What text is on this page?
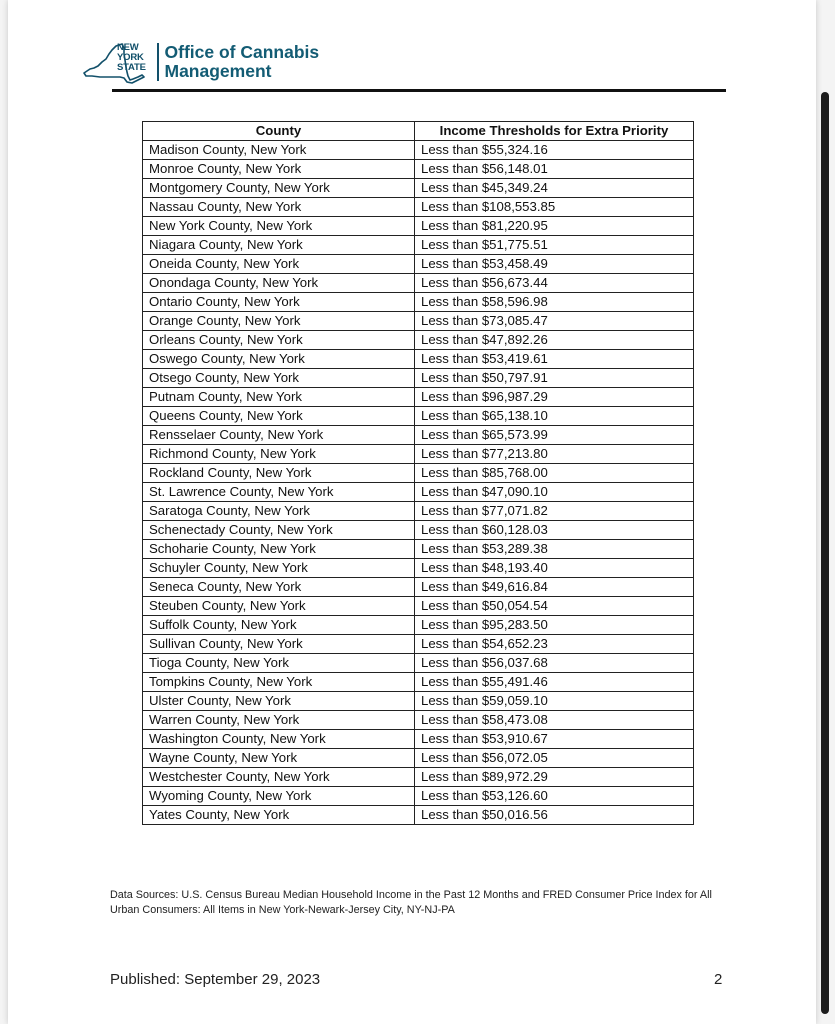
NEW
YORK
STATE
Office of Cannabis
Management
County	Income Thresholds for Extra Priority
Madison County, New York	Less than $55,324.16
Monroe County, New York	Less than $56,148.01
Montgomery County, New York	Less than $45,349.24
Nassau County, New York	Less than $108,553.85
New York County, New York	Less than $81,220.95
Niagara County, New York	Less than $51,775.51
Oneida County, New York	Less than $53,458.49
Onondaga County, New York	Less than $56,673.44
Ontario County, New York	Less than $58,596.98
Orange County, New York	Less than $73,085.47
Orleans County, New York	Less than $47,892.26
Oswego County, New York	Less than $53,419.61
Otsego County, New York	Less than $50,797.91
Putnam County, New York	Less than $96,987.29
Queens County, New York	Less than $65,138.10
Rensselaer County, New York	Less than $65,573.99
Richmond County, New York	Less than $77,213.80
Rockland County, New York	Less than $85,768.00
St. Lawrence County, New York	Less than $47,090.10
Saratoga County, New York	Less than $77,071.82
Schenectady County, New York	Less than $60,128.03
Schoharie County, New York	Less than $53,289.38
Schuyler County, New York	Less than $48,193.40
Seneca County, New York	Less than $49,616.84
Steuben County, New York	Less than $50,054.54
Suffolk County, New York	Less than $95,283.50
Sullivan County, New York	Less than $54,652.23
Tioga County, New York	Less than $56,037.68
Tompkins County, New York	Less than $55,491.46
Ulster County, New York	Less than $59,059.10
Warren County, New York	Less than $58,473.08
Washington County, New York	Less than $53,910.67
Wayne County, New York	Less than $56,072.05
Westchester County, New York	Less than $89,972.29
Wyoming County, New York	Less than $53,126.60
Yates County, New York	Less than $50,016.56
Data Sources: U.S. Census Bureau Median Household Income in the Past 12 Months and FRED Consumer Price Index for All Urban Consumers: All Items in New York-Newark-Jersey City, NY-NJ-PA
Published: September 29, 2023	2
